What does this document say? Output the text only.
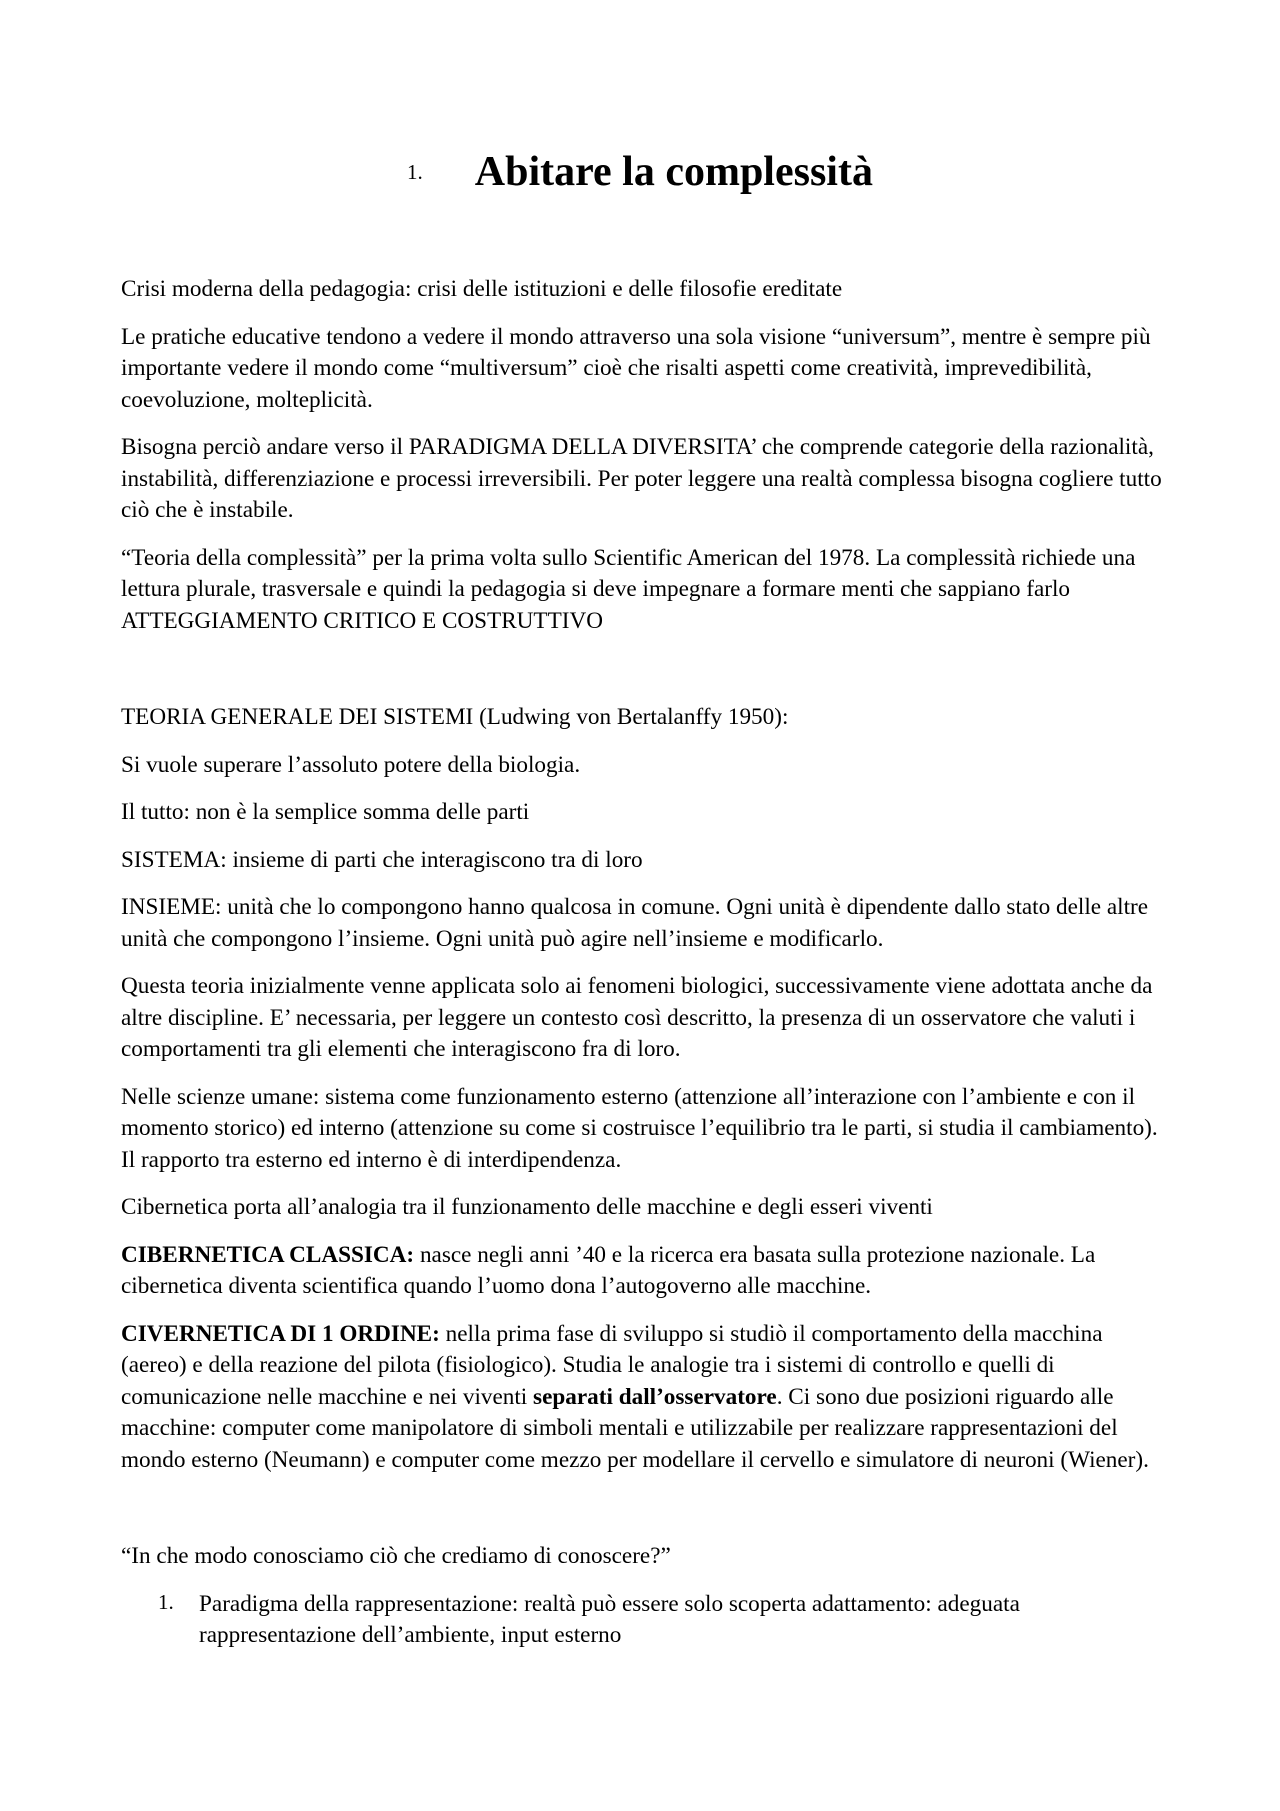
1. Abitare la complessità

Crisi moderna della pedagogia: crisi delle istituzioni e delle filosofie ereditate

Le pratiche educative tendono a vedere il mondo attraverso una sola visione “universum”, mentre è sempre più importante vedere il mondo come “multiversum” cioè che risalti aspetti come creatività, imprevedibilità, coevoluzione, molteplicità.

Bisogna perciò andare verso il PARADIGMA DELLA DIVERSITA’ che comprende categorie della razionalità, instabilità, differenziazione e processi irreversibili. Per poter leggere una realtà complessa bisogna cogliere tutto ciò che è instabile.

“Teoria della complessità” per la prima volta sullo Scientific American del 1978. La complessità richiede una lettura plurale, trasversale e quindi la pedagogia si deve impegnare a formare menti che sappiano farlo ATTEGGIAMENTO CRITICO E COSTRUTTIVO

TEORIA GENERALE DEI SISTEMI (Ludwing von Bertalanffy 1950):

Si vuole superare l’assoluto potere della biologia.

Il tutto: non è la semplice somma delle parti

SISTEMA: insieme di parti che interagiscono tra di loro

INSIEME: unità che lo compongono hanno qualcosa in comune. Ogni unità è dipendente dallo stato delle altre unità che compongono l’insieme. Ogni unità può agire nell’insieme e modificarlo.

Questa teoria inizialmente venne applicata solo ai fenomeni biologici, successivamente viene adottata anche da altre discipline. E’ necessaria, per leggere un contesto così descritto, la presenza di un osservatore che valuti i comportamenti tra gli elementi che interagiscono fra di loro.

Nelle scienze umane: sistema come funzionamento esterno (attenzione all’interazione con l’ambiente e con il momento storico) ed interno (attenzione su come si costruisce l’equilibrio tra le parti, si studia il cambiamento). Il rapporto tra esterno ed interno è di interdipendenza.

Cibernetica porta all’analogia tra il funzionamento delle macchine e degli esseri viventi

CIBERNETICA CLASSICA: nasce negli anni ’40 e la ricerca era basata sulla protezione nazionale. La cibernetica diventa scientifica quando l’uomo dona l’autogoverno alle macchine.

CIVERNETICA DI 1 ORDINE: nella prima fase di sviluppo si studiò il comportamento della macchina (aereo) e della reazione del pilota (fisiologico). Studia le analogie tra i sistemi di controllo e quelli di comunicazione nelle macchine e nei viventi separati dall’osservatore. Ci sono due posizioni riguardo alle macchine: computer come manipolatore di simboli mentali e utilizzabile per realizzare rappresentazioni del mondo esterno (Neumann) e computer come mezzo per modellare il cervello e simulatore di neuroni (Wiener).

“In che modo conosciamo ciò che crediamo di conoscere?”

1. Paradigma della rappresentazione: realtà può essere solo scoperta adattamento: adeguata rappresentazione dell’ambiente, input esterno
